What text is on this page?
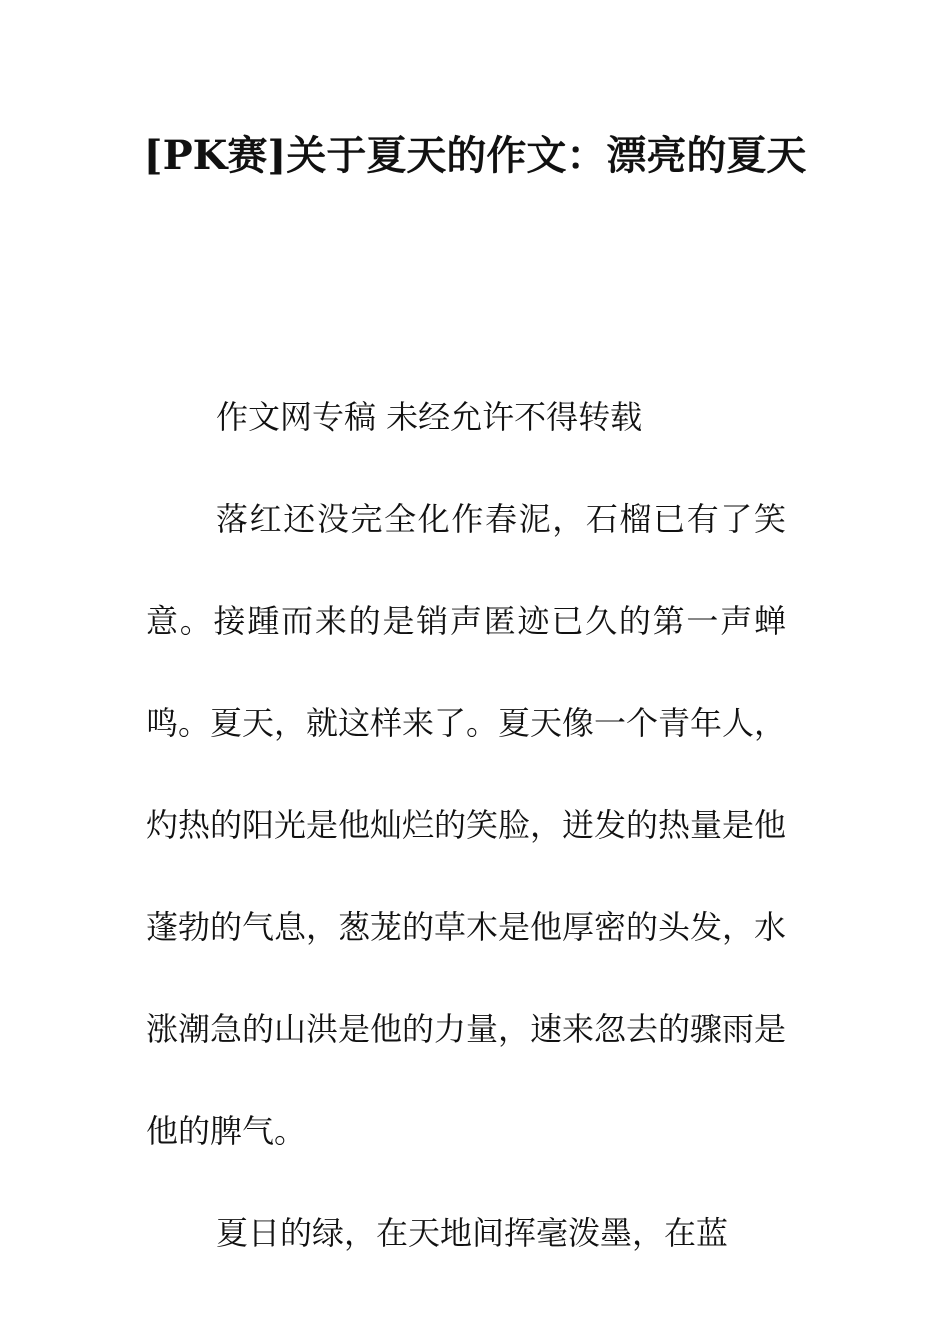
[PK赛]关于夏天的作文：漂亮的夏天

作文网专稿 未经允许不得转载

落红还没完全化作春泥，石榴已有了笑意。接踵而来的是销声匿迹已久的第一声蝉鸣。夏天，就这样来了。夏天像一个青年人，灼热的阳光是他灿烂的笑脸，迸发的热量是他蓬勃的气息，葱茏的草木是他厚密的头发，水涨潮急的山洪是他的力量，速来忽去的骤雨是他的脾气。

夏日的绿，在天地间挥毫泼墨，在蓝
